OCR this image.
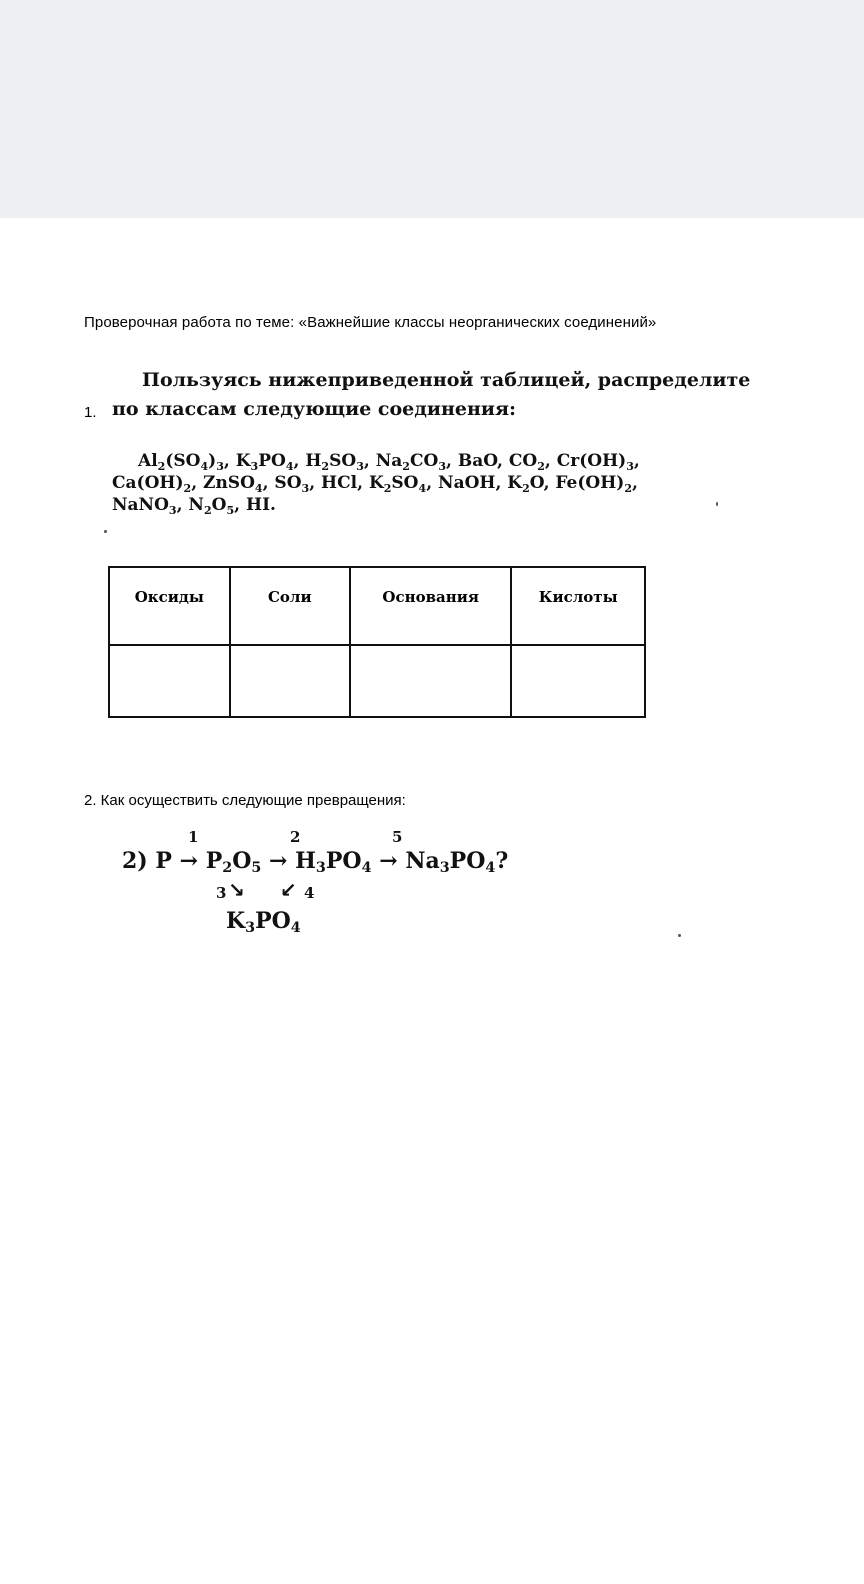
Проверочная работа по теме: «Важнейшие классы неорганических соединений»
1.
Пользуясь нижеприведенной таблицей, распределите по классам следующие соединения:
$Al_2(SO_4)_3$, $K_3PO_4$, $H_2SO_3$, $Na_2CO_3$, BaO, $CO_2$, $Cr(OH)_3$, $Ca(OH)_2$, ZnSO$_4$, $SO_3$, HCl, $K_2SO_4$, NaOH, $K_2O$, $Fe(OH)_2$, NaNO$_3$, $N_2O_5$, HI.
Оксиды	Соли	Основания	Кислоты

2. Как осуществить следующие превращения:
1	2	5
2) $P \to P_2O_5 \to H_3PO_4 \to Na_3PO_4$?
3 ↘ ↙ 4
$K_3PO_4$
